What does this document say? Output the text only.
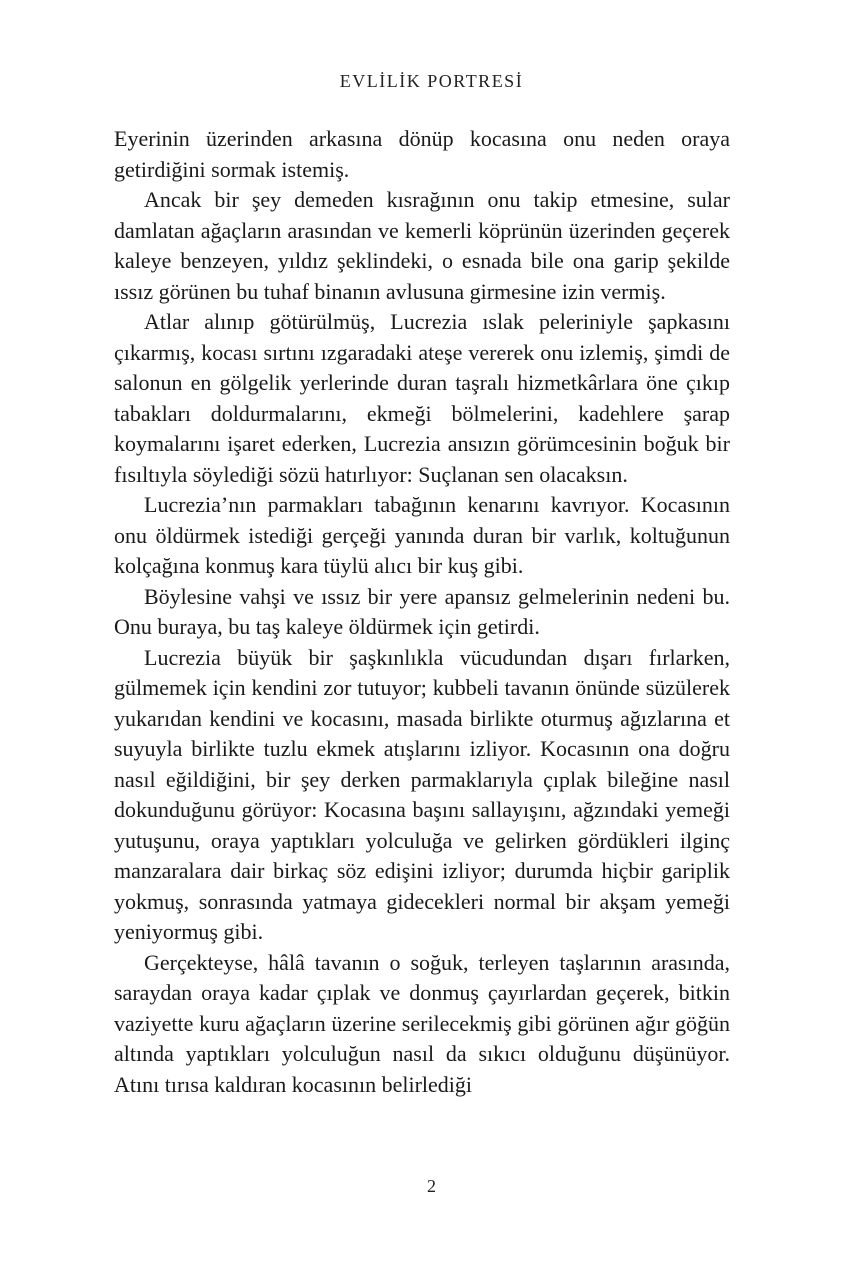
EVLİLİK PORTRESİ

Eyerinin üzerinden arkasına dönüp kocasına onu neden oraya getirdiğini sormak istemiş.

Ancak bir şey demeden kısrağının onu takip etmesine, sular damlatan ağaçların arasından ve kemerli köprünün üzerinden geçerek kaleye benzeyen, yıldız şeklindeki, o esnada bile ona garip şekilde ıssız görünen bu tuhaf binanın avlusuna girmesine izin vermiş.

Atlar alınıp götürülmüş, Lucrezia ıslak peleriniyle şapkasını çıkarmış, kocası sırtını ızgaradaki ateşe vererek onu izlemiş, şimdi de salonun en gölgelik yerlerinde duran taşralı hizmetkârlara öne çıkıp tabakları doldurmalarını, ekmeği bölmelerini, kadehlere şarap koymalarını işaret ederken, Lucrezia ansızın görümcesinin boğuk bir fısıltıyla söylediği sözü hatırlıyor: Suçlanan sen olacaksın.

Lucrezia’nın parmakları tabağının kenarını kavrıyor. Kocasının onu öldürmek istediği gerçeği yanında duran bir varlık, koltuğunun kolçağına konmuş kara tüylü alıcı bir kuş gibi.

Böylesine vahşi ve ıssız bir yere apansız gelmelerinin nedeni bu. Onu buraya, bu taş kaleye öldürmek için getirdi.

Lucrezia büyük bir şaşkınlıkla vücudundan dışarı fırlarken, gülmemek için kendini zor tutuyor; kubbeli tavanın önünde süzülerek yukarıdan kendini ve kocasını, masada birlikte oturmuş ağızlarına et suyuyla birlikte tuzlu ekmek atışlarını izliyor. Kocasının ona doğru nasıl eğildiğini, bir şey derken parmaklarıyla çıplak bileğine nasıl dokunduğunu görüyor: Kocasına başını sallayışını, ağzındaki yemeği yutuşunu, oraya yaptıkları yolculuğa ve gelirken gördükleri ilginç manzaralara dair birkaç söz edişini izliyor; durumda hiçbir gariplik yokmuş, sonrasında yatmaya gidecekleri normal bir akşam yemeği yeniyormuş gibi.

Gerçekteyse, hâlâ tavanın o soğuk, terleyen taşlarının arasında, saraydan oraya kadar çıplak ve donmuş çayırlardan geçerek, bitkin vaziyette kuru ağaçların üzerine serilecekmiş gibi görünen ağır göğün altında yaptıkları yolculuğun nasıl da sıkıcı olduğunu düşünüyor. Atını tırısa kaldıran kocasının belirlediği

2
